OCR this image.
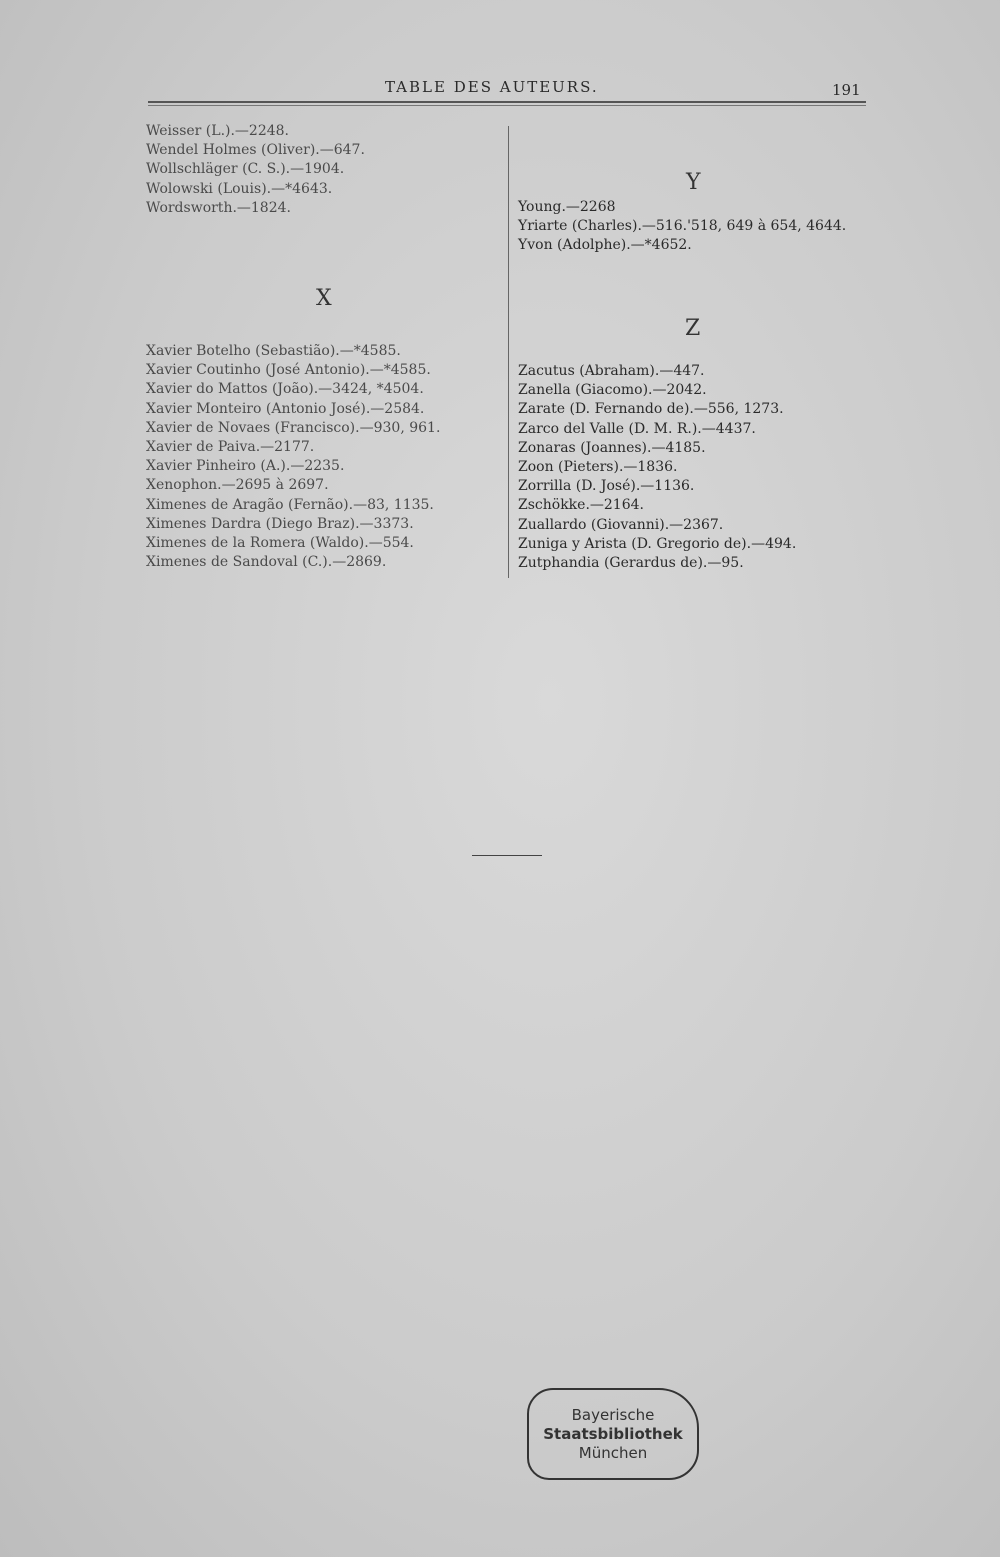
TABLE DES AUTEURS.	191
Weisser (L.).—2248.
Wendel Holmes (Oliver).—647.
Wollschläger (C. S.).—1904.
Wolowski (Louis).—*4643.
Wordsworth.—1824.
X
Xavier Botelho (Sebastião).—*4585.
Xavier Coutinho (José Antonio).—*4585.
Xavier do Mattos (João).—3424, *4504.
Xavier Monteiro (Antonio José).—2584.
Xavier de Novaes (Francisco).—930, 961.
Xavier de Paiva.—2177.
Xavier Pinheiro (A.).—2235.
Xenophon.—2695 à 2697.
Ximenes de Aragão (Fernão).—83, 1135.
Ximenes Dardra (Diego Braz).—3373.
Ximenes de la Romera (Waldo).—554.
Ximenes de Sandoval (C.).—2869.
Y
Young.—2268
Yriarte (Charles).—516.'518, 649 à 654, 4644.
Yvon (Adolphe).—*4652.
Z
Zacutus (Abraham).—447.
Zanella (Giacomo).—2042.
Zarate (D. Fernando de).—556, 1273.
Zarco del Valle (D. M. R.).—4437.
Zonaras (Joannes).—4185.
Zoon (Pieters).—1836.
Zorrilla (D. José).—1136.
Zschökke.—2164.
Zuallardo (Giovanni).—2367.
Zuniga y Arista (D. Gregorio de).—494.
Zutphandia (Gerardus de).—95.
Bayerische
Staatsbibliothek
München
